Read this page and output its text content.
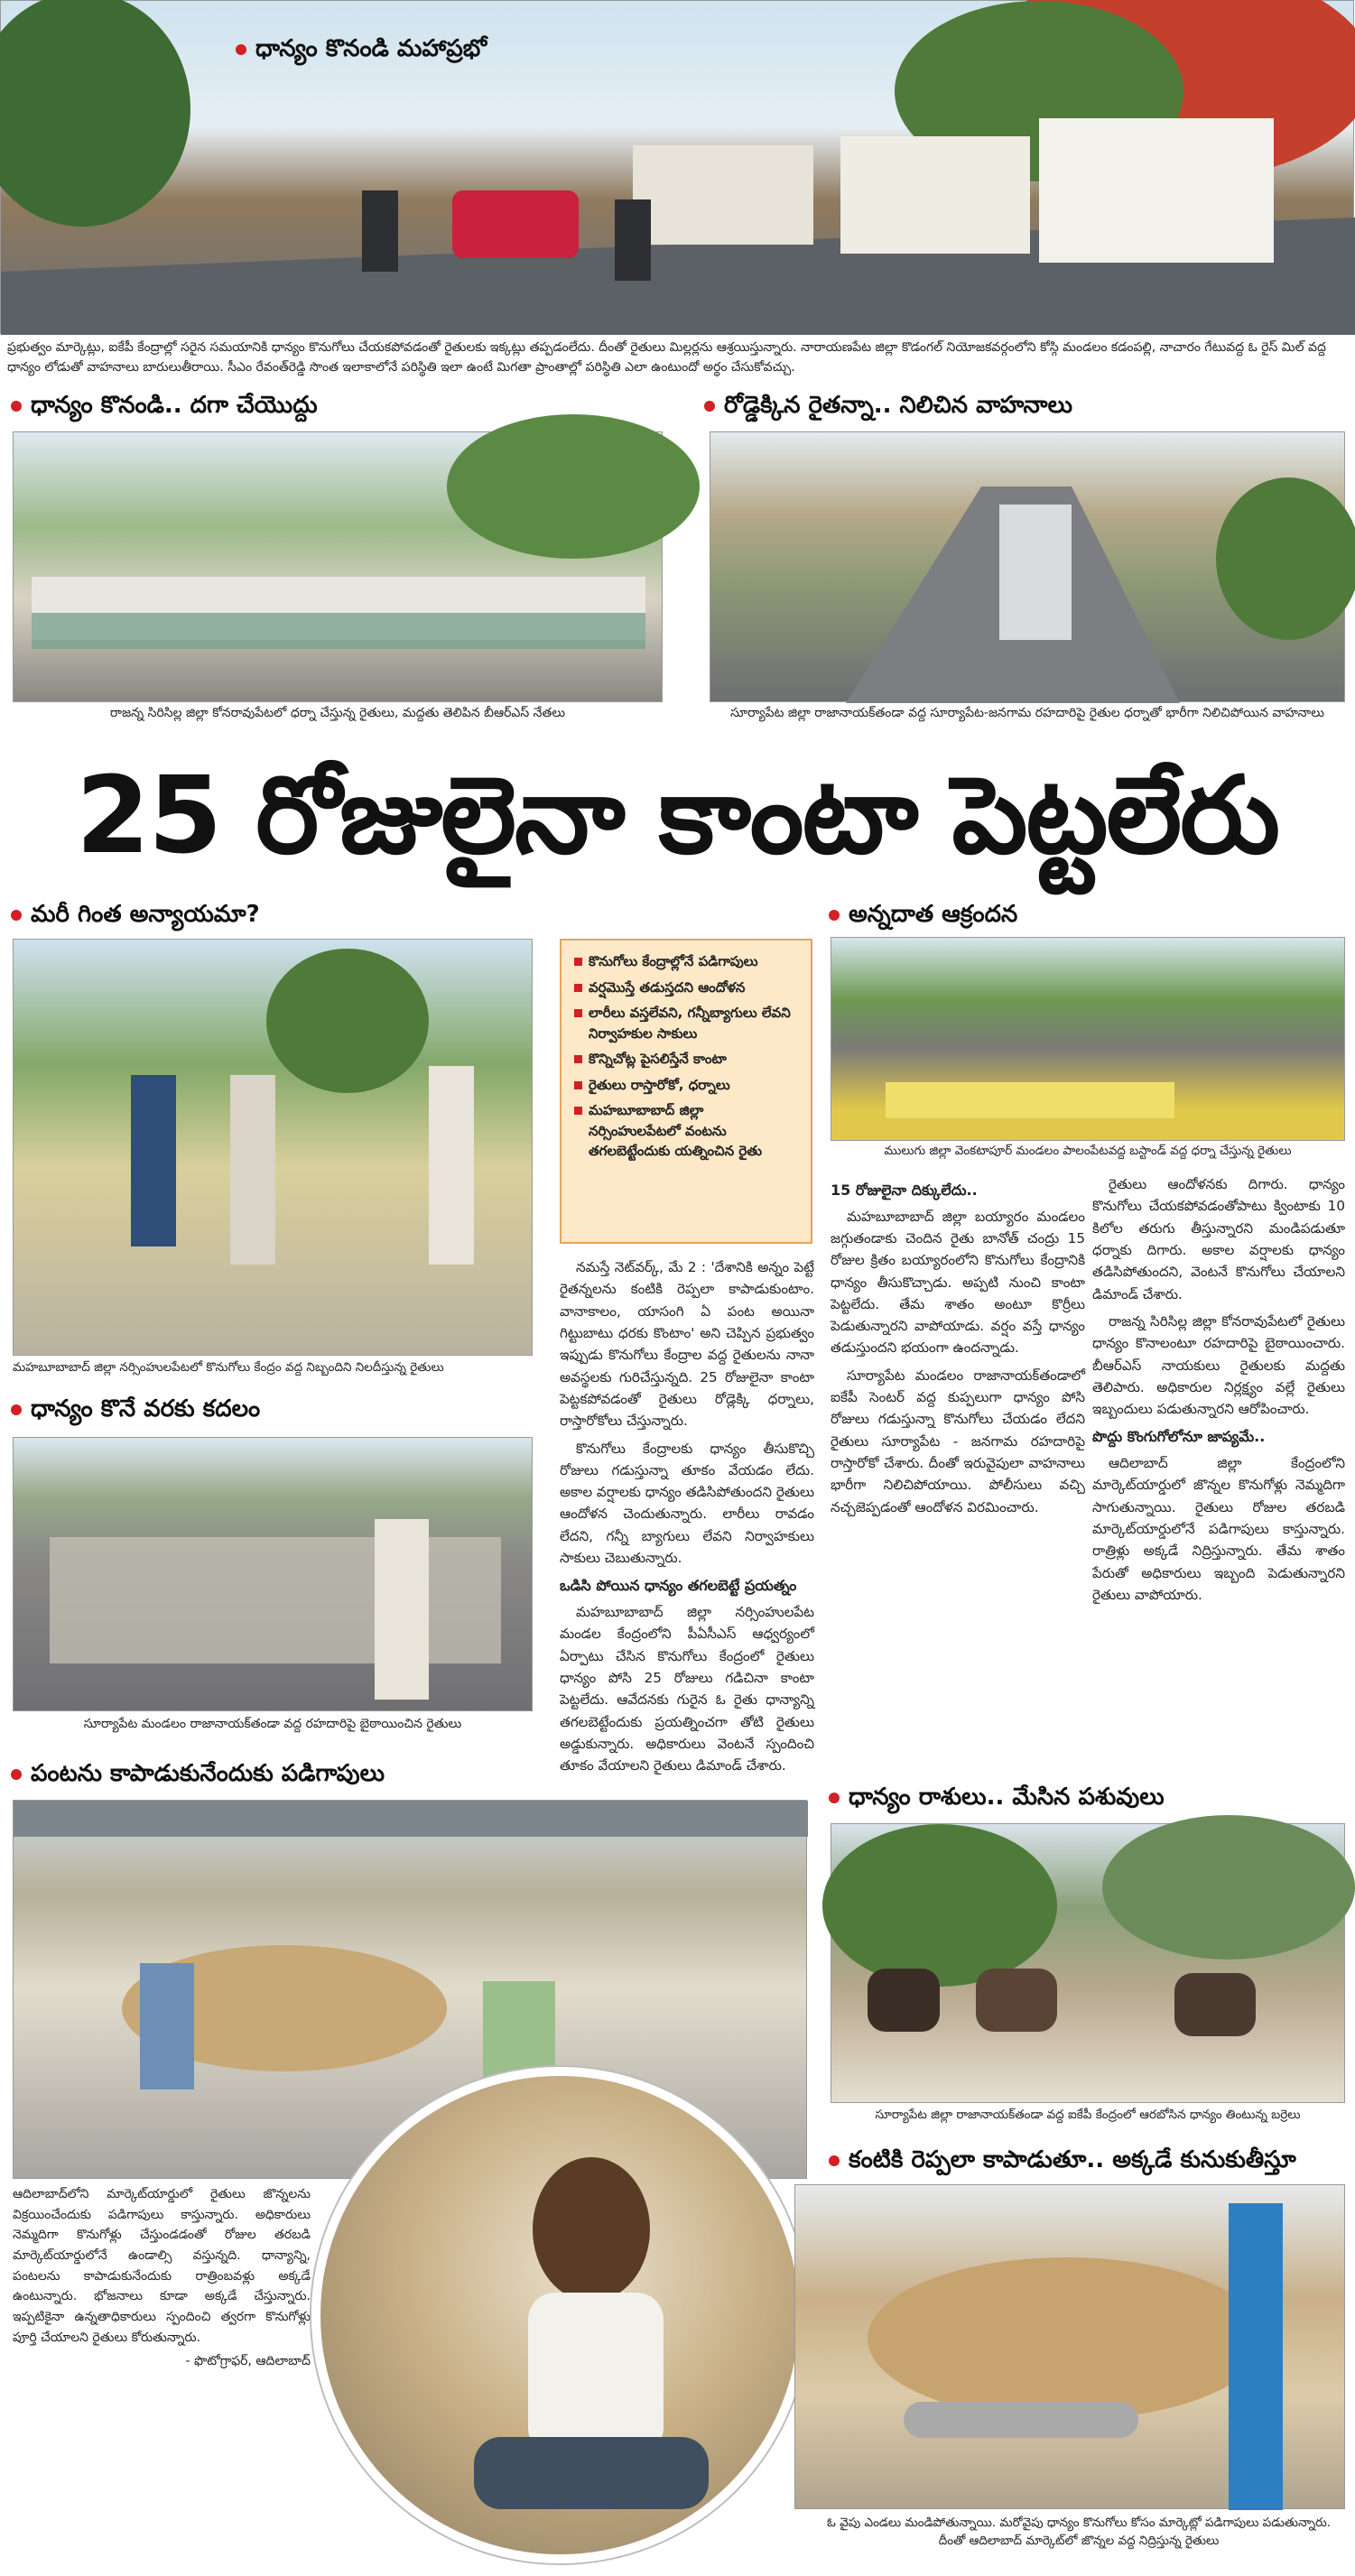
ధాన్యం కొనండి మహాప్రభో
ప్రభుత్వం మార్కెట్లు, ఐకేపీ కేంద్రాల్లో సరైన సమయానికి ధాన్యం కొనుగోలు చేయకపోవడంతో రైతులకు ఇక్కట్లు తప్పడంలేదు. దీంతో రైతులు మిల్లర్లను ఆశ్రయిస్తున్నారు. నారాయణపేట జిల్లా కొడంగల్ నియోజకవర్గంలోని కోస్గి మండలం కడంపల్లి, నాచారం గేటువద్ద ఓ రైస్ మిల్ వద్ద ధాన్యం లోడుతో వాహనాలు బారులుతీరాయి. సీఎం రేవంత్‌రెడ్డి సొంత ఇలాకాలోనే పరిస్థితి ఇలా ఉంటే మిగతా ప్రాంతాల్లో పరిస్థితి ఎలా ఉంటుందో అర్థం చేసుకోవచ్చు.
ధాన్యం కొనండి.. దగా చేయొద్దు
రాజన్న సిరిసిల్ల జిల్లా కోనరావుపేటలో ధర్నా చేస్తున్న రైతులు, మద్దతు తెలిపిన బీఆర్ఎస్ నేతలు
రోడ్డెక్కిన రైతన్నా.. నిలిచిన వాహనాలు
సూర్యాపేట జిల్లా రాజానాయక్‌తండా వద్ద సూర్యాపేట-జనగామ రహదారిపై రైతుల ధర్నాతో భారీగా నిలిచిపోయిన వాహనాలు
25 రోజులైనా కాంటా పెట్టలేరు
మరీ గింత అన్యాయమా?
మహబూబాబాద్ జిల్లా నర్సింహులపేటలో కొనుగోలు కేంద్రం వద్ద నిబ్బందిని నిలదీస్తున్న రైతులు
ధాన్యం కొనే వరకు కదలం
సూర్యాపేట మండలం రాజానాయక్‌తండా వద్ద రహదారిపై బైఠాయించిన రైతులు
కొనుగోలు కేంద్రాల్లోనే పడిగాపులు
వర్షమొస్తే తడుస్తదని ఆందోళన
లారీలు వస్తలేవని, గన్నీబ్యాగులు లేవని నిర్వాహకుల సాకులు
కొన్నిచోట్ల పైసలిస్తేనే కాంటా
రైతులు రాస్తారోకో, ధర్నాలు
మహబూబాబాద్ జిల్లా నర్సింహులపేటలో వంటను తగలబెట్టేందుకు యత్నించిన రైతు
అన్నదాత ఆక్రందన
ములుగు జిల్లా వెంకటాపూర్ మండలం పాలంపేటవద్ద బస్టాండ్ వద్ద ధర్నా చేస్తున్న రైతులు

నమస్తే నెట్‌వర్క్, మే 2 : 'దేశానికి అన్నం పెట్టే రైతన్నలను కంటికి రెప్పలా కాపాడుకుంటాం. వానాకాలం, యాసంగి ఏ పంట అయినా గిట్టుబాటు ధరకు కొంటాం' అని చెప్పిన ప్రభుత్వం ఇప్పుడు కొనుగోలు కేంద్రాల వద్ద రైతులను నానా అవస్థలకు గురిచేస్తున్నది. 25 రోజులైనా కాంటా పెట్టకపోవడంతో రైతులు రోడ్లెక్కి ధర్నాలు, రాస్తారోకోలు చేస్తున్నారు.

కొనుగోలు కేంద్రాలకు ధాన్యం తీసుకొచ్చి రోజులు గడుస్తున్నా తూకం వేయడం లేదు. అకాల వర్షాలకు ధాన్యం తడిసిపోతుందని రైతులు ఆందోళన చెందుతున్నారు. లారీలు రావడం లేదని, గన్నీ బ్యాగులు లేవని నిర్వాహకులు సాకులు చెబుతున్నారు.

ఒడిసి పోయిన ధాన్యం తగలబెట్టే ప్రయత్నం

మహబూబాబాద్ జిల్లా నర్సింహులపేట మండల కేంద్రంలోని పీఏసీఎస్ ఆధ్వర్యంలో ఏర్పాటు చేసిన కొనుగోలు కేంద్రంలో రైతులు ధాన్యం పోసి 25 రోజులు గడిచినా కాంటా పెట్టలేదు. ఆవేదనకు గురైన ఓ రైతు ధాన్యాన్ని తగలబెట్టేందుకు ప్రయత్నించగా తోటి రైతులు అడ్డుకున్నారు. అధికారులు వెంటనే స్పందించి తూకం వేయాలని రైతులు డిమాండ్ చేశారు.

15 రోజులైనా దిక్కులేదు..

మహబూబాబాద్ జిల్లా బయ్యారం మండలం జగ్గుతండాకు చెందిన రైతు బానోత్ చంద్రు 15 రోజుల క్రితం బయ్యారంలోని కొనుగోలు కేంద్రానికి ధాన్యం తీసుకొచ్చాడు. అప్పటి నుంచి కాంటా పెట్టలేదు. తేమ శాతం అంటూ కొర్రీలు పెడుతున్నారని వాపోయాడు. వర్షం వస్తే ధాన్యం తడుస్తుందని భయంగా ఉందన్నాడు.

సూర్యాపేట మండలం రాజానాయక్‌తండాలో ఐకేపీ సెంటర్ వద్ద కుప్పలుగా ధాన్యం పోసి రోజులు గడుస్తున్నా కొనుగోలు చేయడం లేదని రైతులు సూర్యాపేట - జనగామ రహదారిపై రాస్తారోకో చేశారు. దీంతో ఇరువైపులా వాహనాలు భారీగా నిలిచిపోయాయి. పోలీసులు వచ్చి నచ్చజెప్పడంతో ఆందోళన విరమించారు.

రైతులు ఆందోళనకు దిగారు. ధాన్యం కొనుగోలు చేయకపోవడంతోపాటు క్వింటాకు 10 కిలోల తరుగు తీస్తున్నారని మండిపడుతూ ధర్నాకు దిగారు. అకాల వర్షాలకు ధాన్యం తడిసిపోతుందని, వెంటనే కొనుగోలు చేయాలని డిమాండ్ చేశారు.

రాజన్న సిరిసిల్ల జిల్లా కోనరావుపేటలో రైతులు ధాన్యం కొనాలంటూ రహదారిపై బైఠాయించారు. బీఆర్ఎస్ నాయకులు రైతులకు మద్దతు తెలిపారు. అధికారుల నిర్లక్ష్యం వల్లే రైతులు ఇబ్బందులు పడుతున్నారని ఆరోపించారు.

పొద్దు కొంగుగోలోనూ జాప్యమే..

ఆదిలాబాద్ జిల్లా కేంద్రంలోని మార్కెట్‌యార్డులో జొన్నల కొనుగోళ్లు నెమ్మదిగా సాగుతున్నాయి. రైతులు రోజుల తరబడి మార్కెట్‌యార్డులోనే పడిగాపులు కాస్తున్నారు. రాత్రిళ్లు అక్కడే నిద్రిస్తున్నారు. తేమ శాతం పేరుతో అధికారులు ఇబ్బంది పెడుతున్నారని రైతులు వాపోయారు.

పంటను కాపాడుకునేందుకు పడిగాపులు
ఆదిలాబాద్‌లోని మార్కెట్‌యార్డులో రైతులు జొన్నలను విక్రయించేందుకు పడిగాపులు కాస్తున్నారు. అధికారులు నెమ్మదిగా కొనుగోళ్లు చేస్తుండడంతో రోజుల తరబడి మార్కెట్‌యార్డులోనే ఉండాల్సి వస్తున్నది. ధాన్యాన్ని, పంటలను కాపాడుకునేందుకు రాత్రింబవళ్లు అక్కడే ఉంటున్నారు. భోజనాలు కూడా అక్కడే చేస్తున్నారు. ఇప్పటికైనా ఉన్నతాధికారులు స్పందించి త్వరగా కొనుగోళ్లు పూర్తి చేయాలని రైతులు కోరుతున్నారు.
- ఫొటోగ్రాఫర్, ఆదిలాబాద్
ధాన్యం రాశులు.. మేసిన పశువులు
సూర్యాపేట జిల్లా రాజానాయక్‌తండా వద్ద ఐకేపీ కేంద్రంలో ఆరబోసిన ధాన్యం తింటున్న బర్రెలు
కంటికి రెప్పలా కాపాడుతూ.. అక్కడే కునుకుతీస్తూ
ఓ వైపు ఎండలు మండిపోతున్నాయి. మరోవైపు ధాన్యం కొనుగోలు కోసం మార్కెట్లో పడిగాపులు పడుతున్నారు. దీంతో ఆదిలాబాద్ మార్కెట్‌లో జొన్నల వద్ద నిద్రిస్తున్న రైతులు
